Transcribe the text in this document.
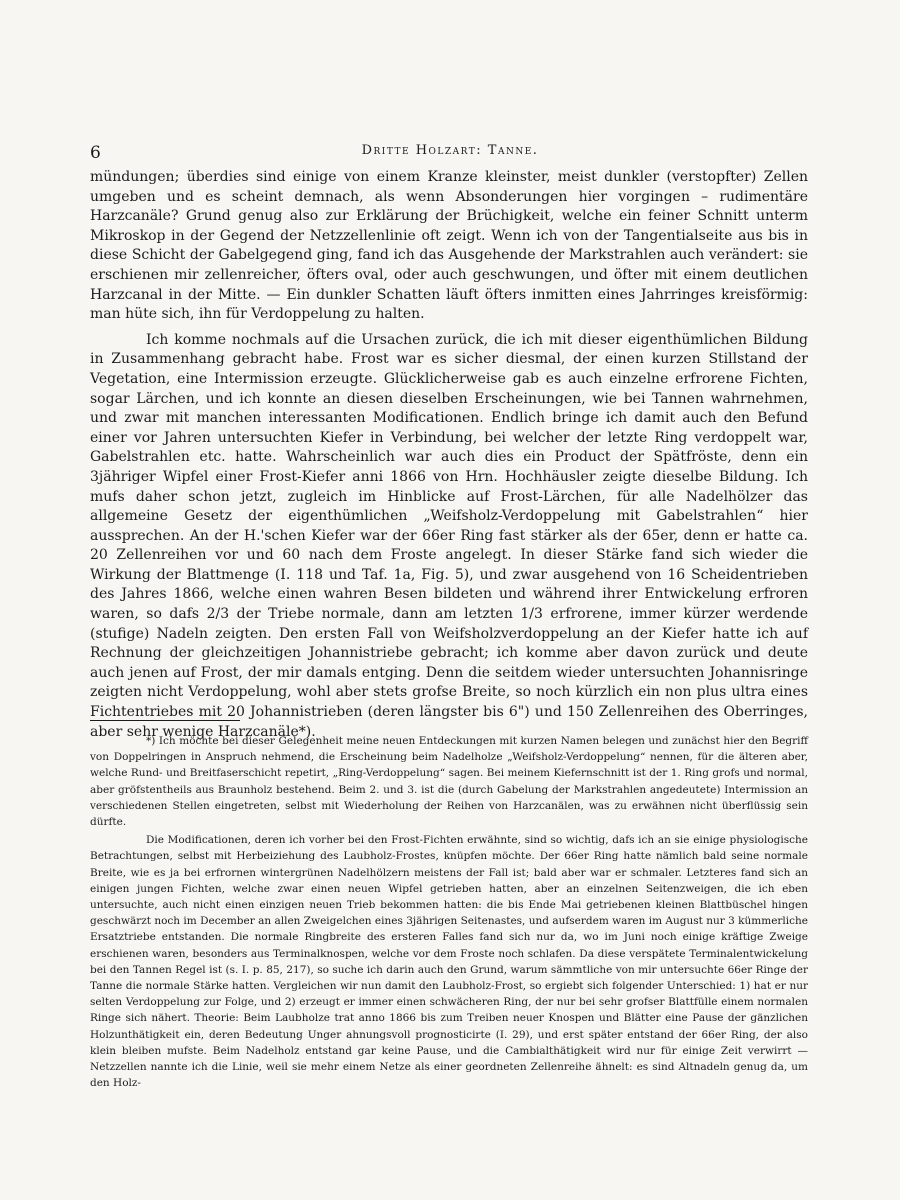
6	Dritte Holzart: Tanne.

mündungen; überdies sind einige von einem Kranze kleinster, meist dunkler (verstopfter) Zellen umgeben und es scheint demnach, als wenn Absonderungen hier vorgingen – rudimentäre Harzcanäle? Grund genug also zur Erklärung der Brüchigkeit, welche ein feiner Schnitt unterm Mikroskop in der Gegend der Netzzellenlinie oft zeigt. Wenn ich von der Tangentialseite aus bis in diese Schicht der Gabelgegend ging, fand ich das Ausgehende der Markstrahlen auch verändert: sie erschienen mir zellenreicher, öfters oval, oder auch geschwungen, und öfter mit einem deutlichen Harzcanal in der Mitte. — Ein dunkler Schatten läuft öfters inmitten eines Jahrringes kreisförmig: man hüte sich, ihn für Verdoppelung zu halten.

Ich komme nochmals auf die Ursachen zurück, die ich mit dieser eigenthümlichen Bildung in Zusammenhang gebracht habe. Frost war es sicher diesmal, der einen kurzen Stillstand der Vegetation, eine Intermission erzeugte. Glücklicherweise gab es auch einzelne erfrorene Fichten, sogar Lärchen, und ich konnte an diesen dieselben Erscheinungen, wie bei Tannen wahrnehmen, und zwar mit manchen interessanten Modificationen. Endlich bringe ich damit auch den Befund einer vor Jahren untersuchten Kiefer in Verbindung, bei welcher der letzte Ring verdoppelt war, Gabelstrahlen etc. hatte. Wahrscheinlich war auch dies ein Product der Spätfröste, denn ein 3jähriger Wipfel einer Frost-Kiefer anni 1866 von Hrn. Hochhäusler zeigte dieselbe Bildung. Ich mufs daher schon jetzt, zugleich im Hinblicke auf Frost-Lärchen, für alle Nadelhölzer das allgemeine Gesetz der eigenthümlichen „Weifsholz-Verdoppelung mit Gabelstrahlen“ hier aussprechen. An der H.'schen Kiefer war der 66er Ring fast stärker als der 65er, denn er hatte ca. 20 Zellenreihen vor und 60 nach dem Froste angelegt. In dieser Stärke fand sich wieder die Wirkung der Blattmenge (I. 118 und Taf. 1a, Fig. 5), und zwar ausgehend von 16 Scheidentrieben des Jahres 1866, welche einen wahren Besen bildeten und während ihrer Entwickelung erfroren waren, so dafs 2/3 der Triebe normale, dann am letzten 1/3 erfrorene, immer kürzer werdende (stufige) Nadeln zeigten. Den ersten Fall von Weifsholzverdoppelung an der Kiefer hatte ich auf Rechnung der gleichzeitigen Johannistriebe gebracht; ich komme aber davon zurück und deute auch jenen auf Frost, der mir damals entging. Denn die seitdem wieder untersuchten Johannisringe zeigten nicht Verdoppelung, wohl aber stets grofse Breite, so noch kürzlich ein non plus ultra eines Fichtentriebes mit 20 Johannistrieben (deren längster bis 6") und 150 Zellenreihen des Oberringes, aber sehr wenige Harzcanäle*).

*) Ich möchte bei dieser Gelegenheit meine neuen Entdeckungen mit kurzen Namen belegen und zunächst hier den Begriff von Doppelringen in Anspruch nehmend, die Erscheinung beim Nadelholze „Weifsholz-Verdoppelung“ nennen, für die älteren aber, welche Rund- und Breitfaserschicht repetirt, „Ring-Verdoppelung“ sagen. Bei meinem Kiefernschnitt ist der 1. Ring grofs und normal, aber gröfstentheils aus Braunholz bestehend. Beim 2. und 3. ist die (durch Gabelung der Markstrahlen angedeutete) Intermission an verschiedenen Stellen eingetreten, selbst mit Wiederholung der Reihen von Harzcanälen, was zu erwähnen nicht überflüssig sein dürfte.

Die Modificationen, deren ich vorher bei den Frost-Fichten erwähnte, sind so wichtig, dafs ich an sie einige physiologische Betrachtungen, selbst mit Herbeiziehung des Laubholz-Frostes, knüpfen möchte. Der 66er Ring hatte nämlich bald seine normale Breite, wie es ja bei erfrornen wintergrünen Nadelhölzern meistens der Fall ist; bald aber war er schmaler. Letzteres fand sich an einigen jungen Fichten, welche zwar einen neuen Wipfel getrieben hatten, aber an einzelnen Seitenzweigen, die ich eben untersuchte, auch nicht einen einzigen neuen Trieb bekommen hatten: die bis Ende Mai getriebenen kleinen Blattbüschel hingen geschwärzt noch im December an allen Zweigelchen eines 3jährigen Seitenastes, und aufserdem waren im August nur 3 kümmerliche Ersatztriebe entstanden. Die normale Ringbreite des ersteren Falles fand sich nur da, wo im Juni noch einige kräftige Zweige erschienen waren, besonders aus Terminalknospen, welche vor dem Froste noch schlafen. Da diese verspätete Terminalentwickelung bei den Tannen Regel ist (s. I. p. 85, 217), so suche ich darin auch den Grund, warum sämmtliche von mir untersuchte 66er Ringe der Tanne die normale Stärke hatten. Vergleichen wir nun damit den Laubholz-Frost, so ergiebt sich folgender Unterschied: 1) hat er nur selten Verdoppelung zur Folge, und 2) erzeugt er immer einen schwächeren Ring, der nur bei sehr grofser Blattfülle einem normalen Ringe sich nähert. Theorie: Beim Laubholze trat anno 1866 bis zum Treiben neuer Knospen und Blätter eine Pause der gänzlichen Holzunthätigkeit ein, deren Bedeutung Unger ahnungsvoll prognosticirte (I. 29), und erst später entstand der 66er Ring, der also klein bleiben mufste. Beim Nadelholz entstand gar keine Pause, und die Cambialthätigkeit wird nur für einige Zeit verwirrt — Netzzellen nannte ich die Linie, weil sie mehr einem Netze als einer geordneten Zellenreihe ähnelt: es sind Altnadeln genug da, um den Holz-
